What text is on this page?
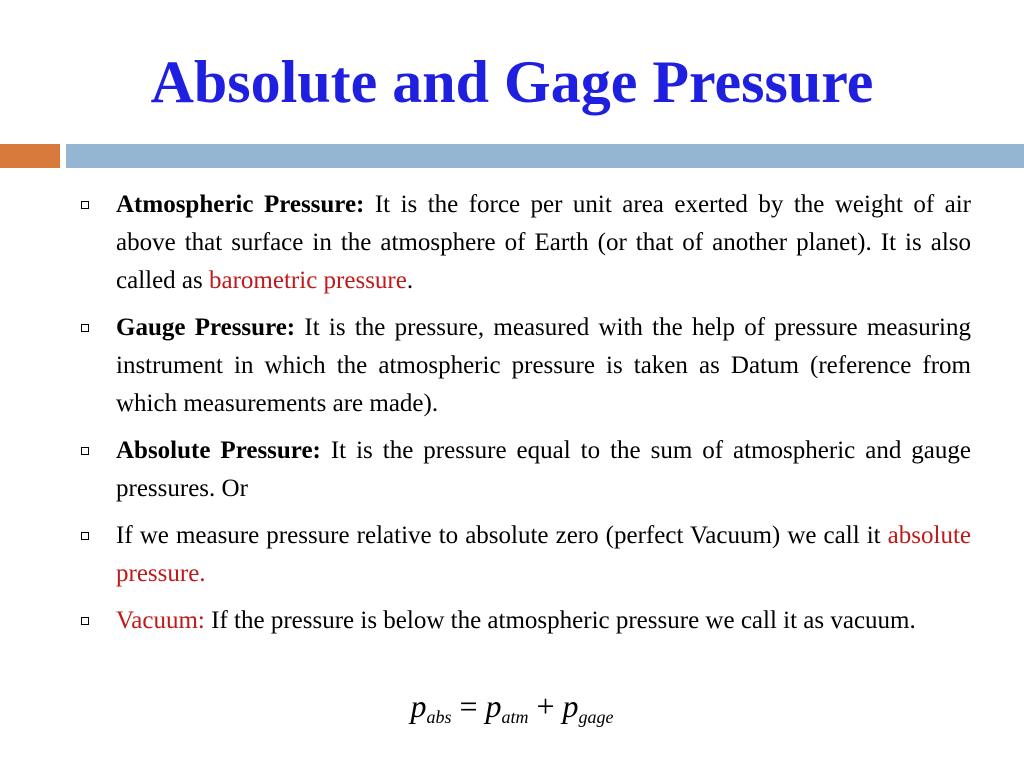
Absolute and Gage Pressure
Atmospheric Pressure: It is the force per unit area exerted by the weight of air above that surface in the atmosphere of Earth (or that of another planet). It is also called as barometric pressure.
Gauge Pressure: It is the pressure, measured with the help of pressure measuring instrument in which the atmospheric pressure is taken as Datum (reference from which measurements are made).
Absolute Pressure: It is the pressure equal to the sum of atmospheric and gauge pressures. Or
If we measure pressure relative to absolute zero (perfect Vacuum) we call it absolute pressure.
Vacuum: If the pressure is below the atmospheric pressure we call it as vacuum.
$p_{abs} = p_{atm} + p_{gage}$
